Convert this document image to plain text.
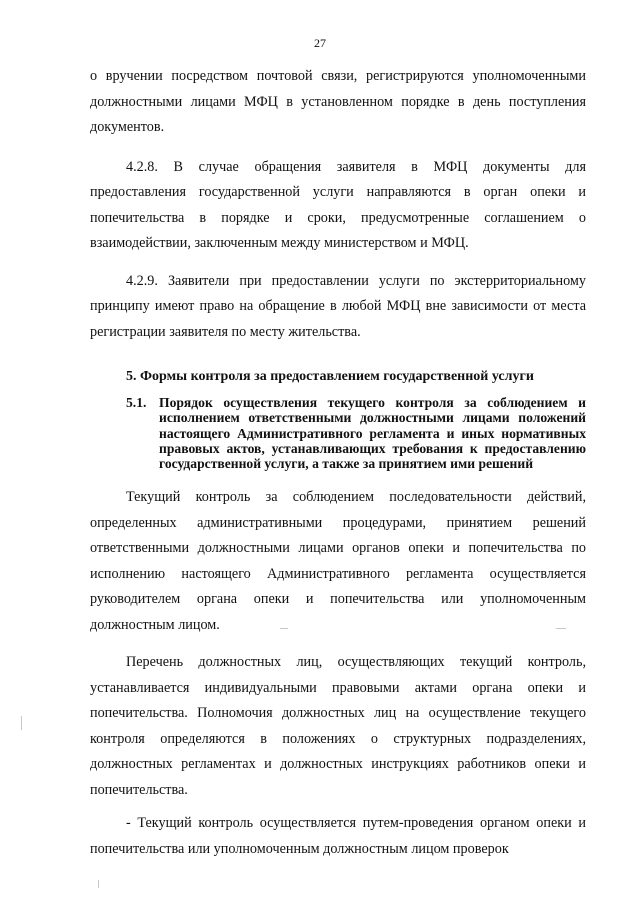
27

о вручении посредством почтовой связи, регистрируются уполномоченными должностными лицами МФЦ в установленном порядке в день поступления документов.

4.2.8. В случае обращения заявителя в МФЦ документы для предоставления государственной услуги направляются в орган опеки и попечительства в порядке и сроки, предусмотренные соглашением о взаимодействии, заключенным между министерством и МФЦ.

4.2.9. Заявители при предоставлении услуги по экстерриториальному принципу имеют право на обращение в любой МФЦ вне зависимости от места регистрации заявителя по месту жительства.

5. Формы контроля за предоставлением государственной услуги
5.1. Порядок осуществления текущего контроля за соблюдением и исполнением ответственными должностными лицами положений настоящего Административного регламента и иных нормативных правовых актов, устанавливающих требования к предоставлению государственной услуги, а также за принятием ими решений

Текущий контроль за соблюдением последовательности действий, определенных административными процедурами, принятием решений ответственными должностными лицами органов опеки и попечительства по исполнению настоящего Административного регламента осуществляется руководителем органа опеки и попечительства или уполномоченным должностным лицом.

Перечень должностных лиц, осуществляющих текущий контроль, устанавливается индивидуальными правовыми актами органа опеки и попечительства. Полномочия должностных лиц на осуществление текущего контроля определяются в положениях о структурных подразделениях, должностных регламентах и должностных инструкциях работников опеки и попечительства.

- Текущий контроль осуществляется путем-проведения органом опеки и попечительства или уполномоченным должностным лицом проверок
